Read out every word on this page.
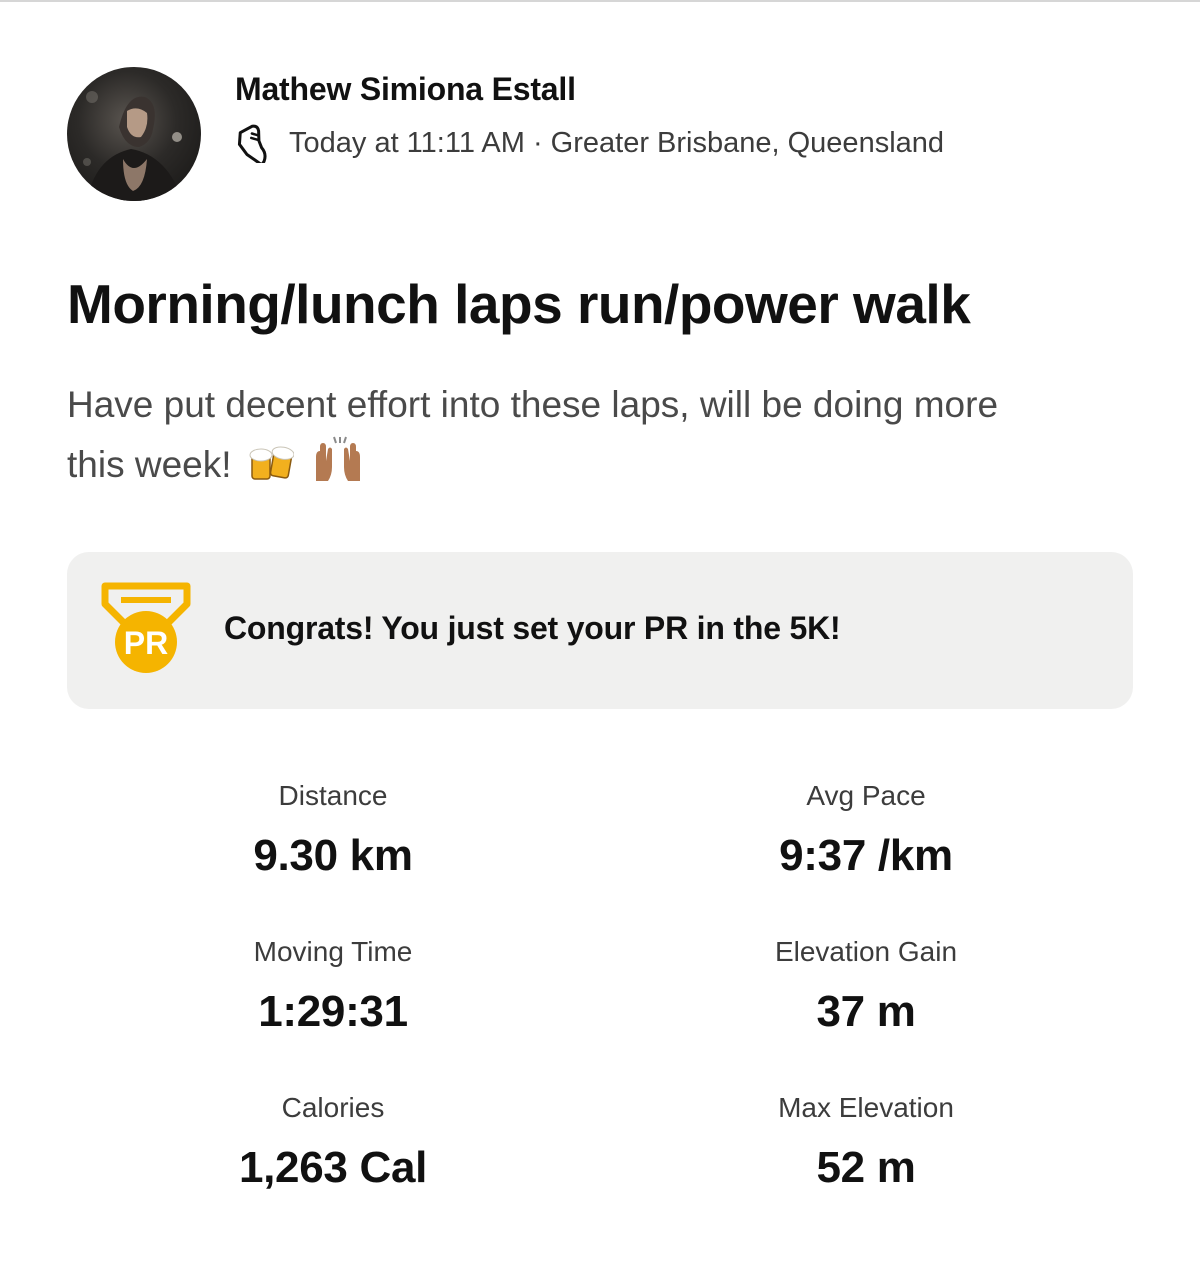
Mathew Simiona Estall
Today at 11:11 AM · Greater Brisbane, Queensland
Morning/lunch laps run/power walk
Have put decent effort into these laps, will be doing more
this week!
PR Congrats! You just set your PR in the 5K!
Distance
9.30 km
Avg Pace
9:37 /km
Moving Time
1:29:31
Elevation Gain
37 m
Calories
1,263 Cal
Max Elevation
52 m
